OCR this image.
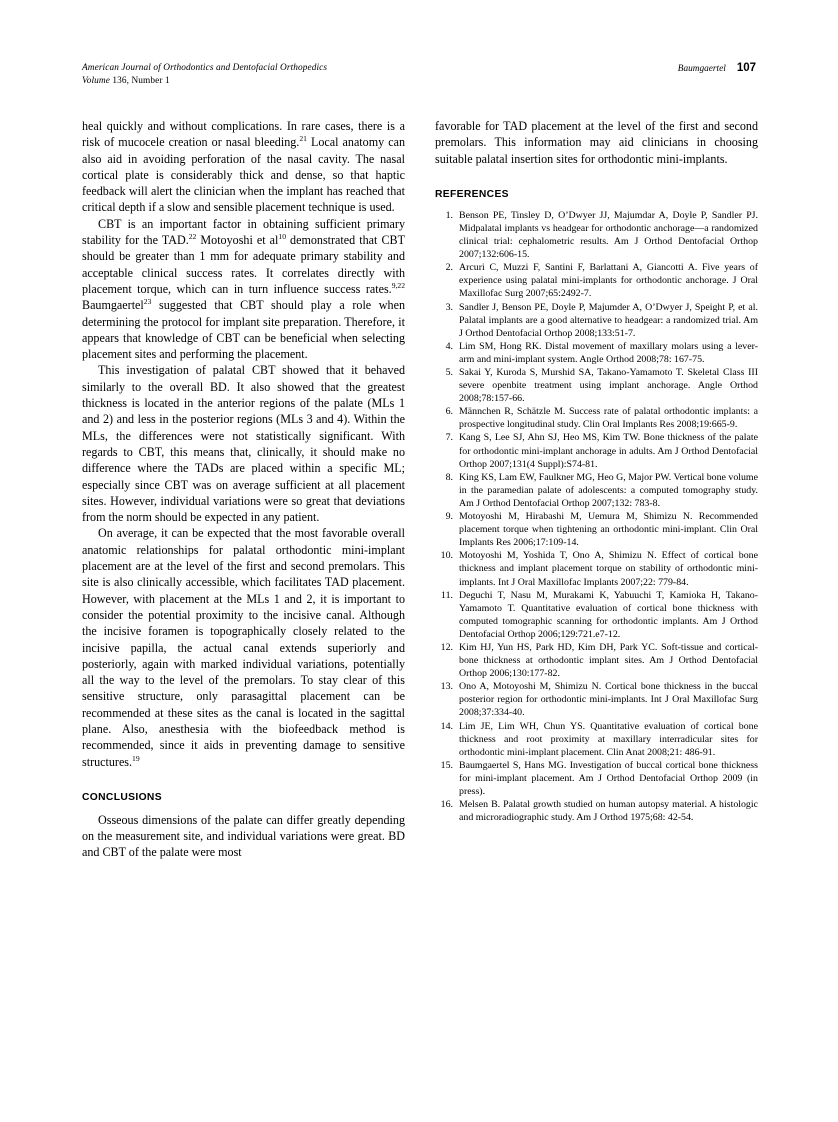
American Journal of Orthodontics and Dentofacial Orthopedics
Volume 136, Number 1
Baumgaertel 107

heal quickly and without complications. In rare cases, there is a risk of mucocele creation or nasal bleeding.$^{21}$ Local anatomy can also aid in avoiding perforation of the nasal cavity. The nasal cortical plate is considerably thick and dense, so that haptic feedback will alert the clinician when the implant has reached that critical depth if a slow and sensible placement technique is used.

CBT is an important factor in obtaining sufficient primary stability for the TAD.$^{22}$ Motoyoshi et $al^{10}$ demonstrated that CBT should be greater than 1 mm for adequate primary stability and acceptable clinical success rates. It correlates directly with placement torque, which can in turn influence success rates.$^{9,22}$ Baumgaertel$^{23}$ suggested that CBT should play a role when determining the protocol for implant site preparation. Therefore, it appears that knowledge of CBT can be beneficial when selecting placement sites and performing the placement.

This investigation of palatal CBT showed that it behaved similarly to the overall BD. It also showed that the greatest thickness is located in the anterior regions of the palate (MLs 1 and 2) and less in the posterior regions (MLs 3 and 4). Within the MLs, the differences were not statistically significant. With regards to CBT, this means that, clinically, it should make no difference where the TADs are placed within a specific ML; especially since CBT was on average sufficient at all placement sites. However, individual variations were so great that deviations from the norm should be expected in any patient.

On average, it can be expected that the most favorable overall anatomic relationships for palatal orthodontic mini-implant placement are at the level of the first and second premolars. This site is also clinically accessible, which facilitates TAD placement. However, with placement at the MLs 1 and 2, it is important to consider the potential proximity to the incisive canal. Although the incisive foramen is topographically closely related to the incisive papilla, the actual canal extends superiorly and posteriorly, again with marked individual variations, potentially all the way to the level of the premolars. To stay clear of this sensitive structure, only parasagittal placement can be recommended at these sites as the canal is located in the sagittal plane. Also, anesthesia with the biofeedback method is recommended, since it aids in preventing damage to sensitive structures.$^{19}$

CONCLUSIONS

Osseous dimensions of the palate can differ greatly depending on the measurement site, and individual variations were great. BD and CBT of the palate were most

favorable for TAD placement at the level of the first and second premolars. This information may aid clinicians in choosing suitable palatal insertion sites for orthodontic mini-implants.

REFERENCES
Benson PE, Tinsley D, O’Dwyer JJ, Majumdar A, Doyle P, Sandler PJ. Midpalatal implants vs headgear for orthodontic anchorage—a randomized clinical trial: cephalometric results. Am J Orthod Dentofacial Orthop 2007;132:606-15.
Arcuri C, Muzzi F, Santini F, Barlattani A, Giancotti A. Five years of experience using palatal mini-implants for orthodontic anchorage. J Oral Maxillofac Surg 2007;65:2492-7.
Sandler J, Benson PE, Doyle P, Majumder A, O’Dwyer J, Speight P, et al. Palatal implants are a good alternative to headgear: a randomized trial. Am J Orthod Dentofacial Orthop 2008;133:51-7.
Lim SM, Hong RK. Distal movement of maxillary molars using a lever-arm and mini-implant system. Angle Orthod 2008;78: 167-75.
Sakai Y, Kuroda S, Murshid SA, Takano-Yamamoto T. Skeletal Class III severe openbite treatment using implant anchorage. Angle Orthod 2008;78:157-66.
Männchen R, Schätzle M. Success rate of palatal orthodontic implants: a prospective longitudinal study. Clin Oral Implants Res 2008;19:665-9.
Kang S, Lee SJ, Ahn SJ, Heo MS, Kim TW. Bone thickness of the palate for orthodontic mini-implant anchorage in adults. Am J Orthod Dentofacial Orthop 2007;131(4 Suppl):S74-81.
King KS, Lam EW, Faulkner MG, Heo G, Major PW. Vertical bone volume in the paramedian palate of adolescents: a computed tomography study. Am J Orthod Dentofacial Orthop 2007;132: 783-8.
Motoyoshi M, Hirabashi M, Uemura M, Shimizu N. Recommended placement torque when tightening an orthodontic mini-implant. Clin Oral Implants Res 2006;17:109-14.
Motoyoshi M, Yoshida T, Ono A, Shimizu N. Effect of cortical bone thickness and implant placement torque on stability of orthodontic mini-implants. Int J Oral Maxillofac Implants 2007;22: 779-84.
Deguchi T, Nasu M, Murakami K, Yabuuchi T, Kamioka H, Takano-Yamamoto T. Quantitative evaluation of cortical bone thickness with computed tomographic scanning for orthodontic implants. Am J Orthod Dentofacial Orthop 2006;129:721.e7-12.
Kim HJ, Yun HS, Park HD, Kim DH, Park YC. Soft-tissue and cortical-bone thickness at orthodontic implant sites. Am J Orthod Dentofacial Orthop 2006;130:177-82.
Ono A, Motoyoshi M, Shimizu N. Cortical bone thickness in the buccal posterior region for orthodontic mini-implants. Int J Oral Maxillofac Surg 2008;37:334-40.
Lim JE, Lim WH, Chun YS. Quantitative evaluation of cortical bone thickness and root proximity at maxillary interradicular sites for orthodontic mini-implant placement. Clin Anat 2008;21: 486-91.
Baumgaertel S, Hans MG. Investigation of buccal cortical bone thickness for mini-implant placement. Am J Orthod Dentofacial Orthop 2009 (in press).
Melsen B. Palatal growth studied on human autopsy material. A histologic and microradiographic study. Am J Orthod 1975;68: 42-54.
